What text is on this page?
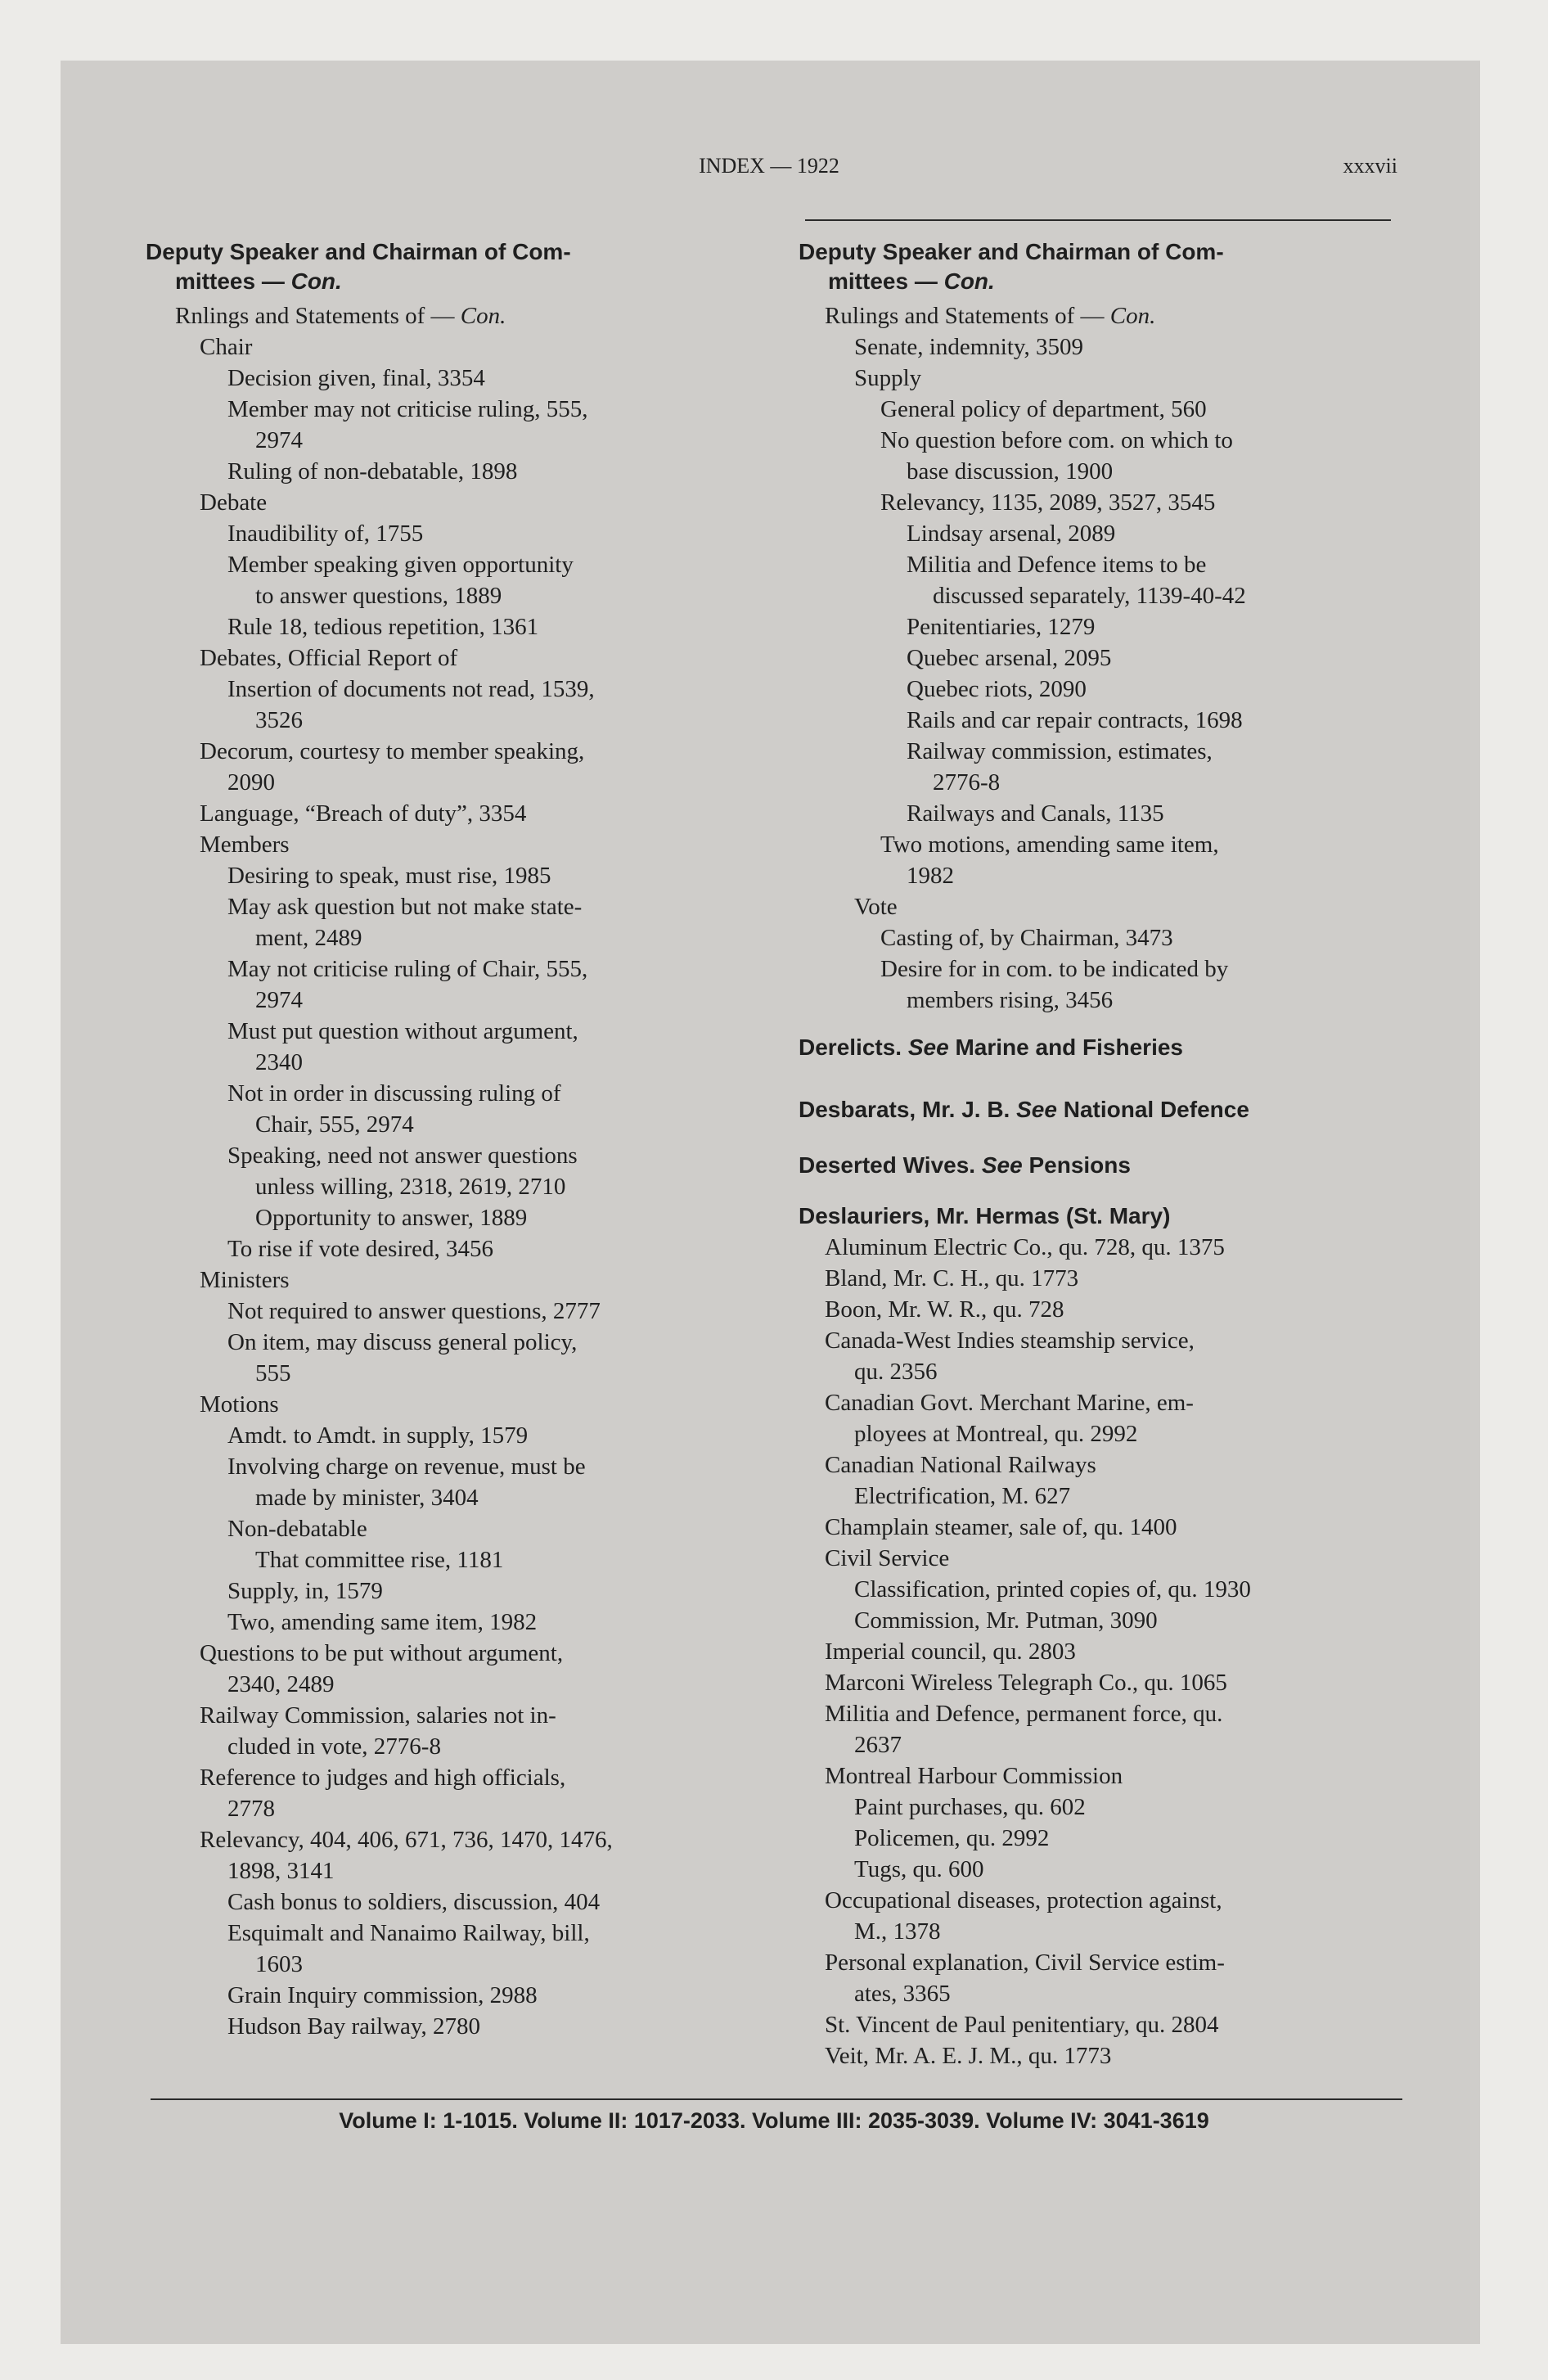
INDEX — 1922	xxxvii
Deputy Speaker and Chairman of Com-
mittees — Con.
Rnlings and Statements of — Con.
Chair
Decision given, final, 3354
Member may not criticise ruling, 555,
2974
Ruling of non-debatable, 1898
Debate
Inaudibility of, 1755
Member speaking given opportunity
to answer questions, 1889
Rule 18, tedious repetition, 1361
Debates, Official Report of
Insertion of documents not read, 1539,
3526
Decorum, courtesy to member speaking,
2090
Language, “Breach of duty”, 3354
Members
Desiring to speak, must rise, 1985
May ask question but not make state-
ment, 2489
May not criticise ruling of Chair, 555,
2974
Must put question without argument,
2340
Not in order in discussing ruling of
Chair, 555, 2974
Speaking, need not answer questions
unless willing, 2318, 2619, 2710
Opportunity to answer, 1889
To rise if vote desired, 3456
Ministers
Not required to answer questions, 2777
On item, may discuss general policy,
555
Motions
Amdt. to Amdt. in supply, 1579
Involving charge on revenue, must be
made by minister, 3404
Non-debatable
That committee rise, 1181
Supply, in, 1579
Two, amending same item, 1982
Questions to be put without argument,
2340, 2489
Railway Commission, salaries not in-
cluded in vote, 2776-8
Reference to judges and high officials,
2778
Relevancy, 404, 406, 671, 736, 1470, 1476,
1898, 3141
Cash bonus to soldiers, discussion, 404
Esquimalt and Nanaimo Railway, bill,
1603
Grain Inquiry commission, 2988
Hudson Bay railway, 2780
Deputy Speaker and Chairman of Com-
mittees — Con.
Rulings and Statements of — Con.
Senate, indemnity, 3509
Supply
General policy of department, 560
No question before com. on which to
base discussion, 1900
Relevancy, 1135, 2089, 3527, 3545
Lindsay arsenal, 2089
Militia and Defence items to be
discussed separately, 1139-40-42
Penitentiaries, 1279
Quebec arsenal, 2095
Quebec riots, 2090
Rails and car repair contracts, 1698
Railway commission, estimates,
2776-8
Railways and Canals, 1135
Two motions, amending same item,
1982
Vote
Casting of, by Chairman, 3473
Desire for in com. to be indicated by
members rising, 3456
Derelicts. See Marine and Fisheries
Desbarats, Mr. J. B. See National Defence
Deserted Wives. See Pensions
Deslauriers, Mr. Hermas (St. Mary)
Aluminum Electric Co., qu. 728, qu. 1375
Bland, Mr. C. H., qu. 1773
Boon, Mr. W. R., qu. 728
Canada-West Indies steamship service,
qu. 2356
Canadian Govt. Merchant Marine, em-
ployees at Montreal, qu. 2992
Canadian National Railways
Electrification, M. 627
Champlain steamer, sale of, qu. 1400
Civil Service
Classification, printed copies of, qu. 1930
Commission, Mr. Putman, 3090
Imperial council, qu. 2803
Marconi Wireless Telegraph Co., qu. 1065
Militia and Defence, permanent force, qu.
2637
Montreal Harbour Commission
Paint purchases, qu. 602
Policemen, qu. 2992
Tugs, qu. 600
Occupational diseases, protection against,
M., 1378
Personal explanation, Civil Service estim-
ates, 3365
St. Vincent de Paul penitentiary, qu. 2804
Veit, Mr. A. E. J. M., qu. 1773
Volume I: 1-1015. Volume II: 1017-2033. Volume III: 2035-3039. Volume IV: 3041-3619
